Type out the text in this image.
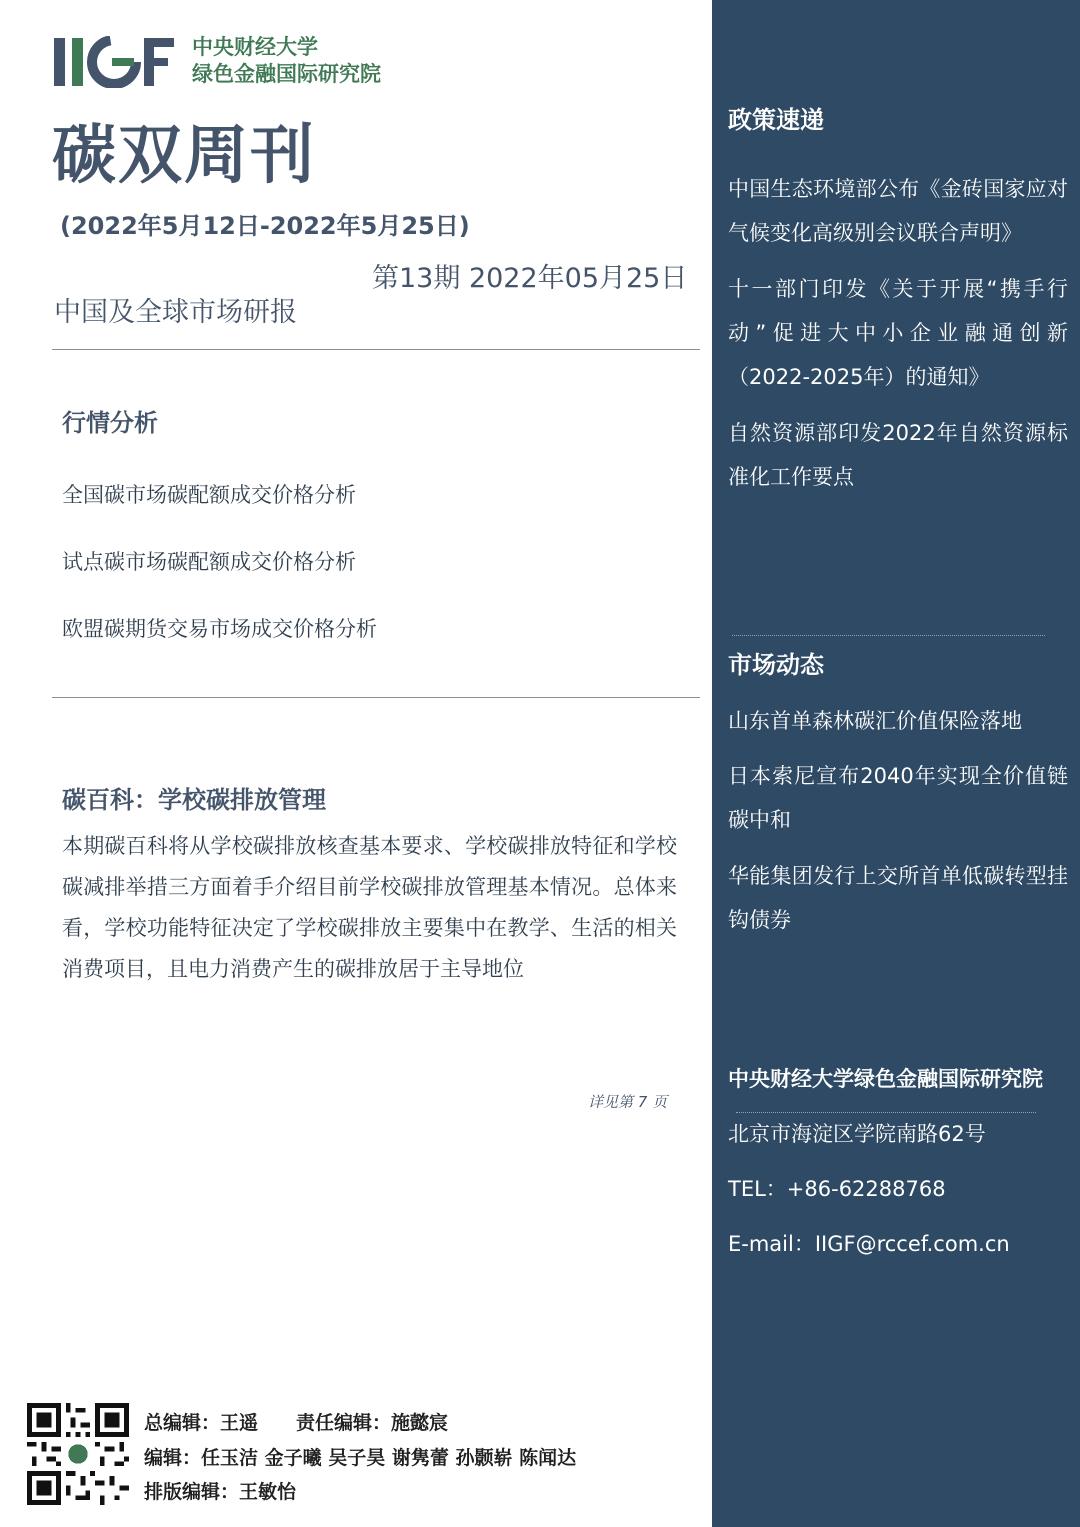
中央财经大学
绿色金融国际研究院
碳双周刊
(2022年5月12日-2022年5月25日)
第13期 2022年05月25日
中国及全球市场研报
行情分析
全国碳市场碳配额成交价格分析
试点碳市场碳配额成交价格分析
欧盟碳期货交易市场成交价格分析
碳百科：学校碳排放管理
本期碳百科将从学校碳排放核查基本要求、学校碳排放特征和学校碳减排举措三方面着手介绍目前学校碳排放管理基本情况。总体来看，学校功能特征决定了学校碳排放主要集中在教学、生活的相关消费项目，且电力消费产生的碳排放居于主导地位
详见第 7 页
总编辑：王遥　　责任编辑：施懿宸
编辑：任玉洁 金子曦 吴子昊 谢隽蕾 孙颢崭 陈闻达
排版编辑：王敏怡
政策速递
中国生态环境部公布《金砖国家应对气候变化高级别会议联合声明》
十一部门印发《关于开展“携手行动”促进大中小企业融通创新（2022-2025年）的通知》
自然资源部印发2022年自然资源标准化工作要点
市场动态
山东首单森林碳汇价值保险落地
日本索尼宣布2040年实现全价值链碳中和
华能集团发行上交所首单低碳转型挂钩债券
中央财经大学绿色金融国际研究院
北京市海淀区学院南路62号
TEL：+86-62288768
E-mail：IIGF@rccef.com.cn
